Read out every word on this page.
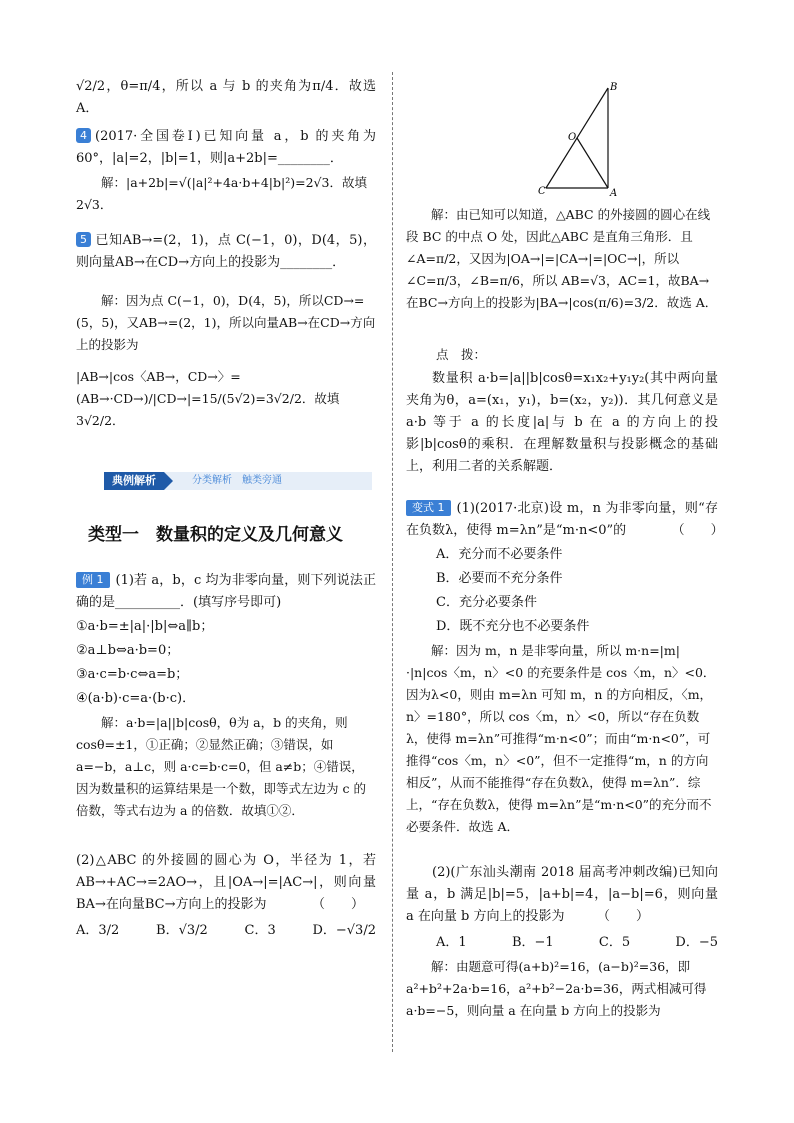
√2/2，θ=π/4，所以 a 与 b 的夹角为π/4．故选 A．

4 (2017·全国卷Ⅰ)已知向量 a，b 的夹角为 60°，|a|=2，|b|=1，则|a+2b|=________．

解：|a+2b|=√(|a|²+4a·b+4|b|²)=2√3．故填 2√3．

5 已知AB→=(2，1)，点 C(−1，0)，D(4，5)，则向量AB→在CD→方向上的投影为________．

解：因为点 C(−1，0)，D(4，5)，所以CD→=(5，5)，又AB→=(2，1)，所以向量AB→在CD→方向上的投影为

|AB→|cos〈AB→，CD→〉=(AB→·CD→)/|CD→|=15/(5√2)=3√2/2．故填 3√2/2．

典例解析	分类解析　触类旁通
类型一　数量积的定义及几何意义

例 1 (1)若 a，b，c 均为非零向量，则下列说法正确的是__________．(填写序号即可)

①a·b=±|a|·|b|⇔a∥b；

②a⊥b⇔a·b=0；

③a·c=b·c⇔a=b；

④(a·b)·c=a·(b·c)．

解：a·b=|a||b|cosθ，θ为 a，b 的夹角，则 cosθ=±1，①正确；②显然正确；③错误，如 a=−b，a⊥c，则 a·c=b·c=0，但 a≠b；④错误，因为数量积的运算结果是一个数，即等式左边为 c 的倍数，等式右边为 a 的倍数．故填①②．

(2)△ABC 的外接圆的圆心为 O，半径为 1，若AB→+AC→=2AO→，且|OA→|=|AC→|，则向量BA→在向量BC→方向上的投影为　　　　（　　）

A．3/2	B．√3/2	C．3	D．−√3/2
B
O
C	A

解：由已知可以知道，△ABC 的外接圆的圆心在线段 BC 的中点 O 处，因此△ABC 是直角三角形．且∠A=π/2，又因为|OA→|=|CA→|=|OC→|，所以∠C=π/3，∠B=π/6，所以 AB=√3，AC=1，故BA→在BC→方向上的投影为|BA→|cos(π/6)=3/2．故选 A．

点　拨：

数量积 a·b=|a||b|cosθ=x₁x₂+y₁y₂(其中两向量夹角为θ，a=(x₁，y₁)，b=(x₂，y₂))．其几何意义是 a·b 等于 a 的长度|a|与 b 在 a 的方向上的投影|b|cosθ的乘积．在理解数量积与投影概念的基础上，利用二者的关系解题．

变式 1 (1)(2017·北京)设 m，n 为非零向量，则“存在负数λ，使得 m=λn”是“m·n<0”的　　　　（　　）

A．充分而不必要条件

B．必要而不充分条件

C．充分必要条件

D．既不充分也不必要条件

解：因为 m，n 是非零向量，所以 m·n=|m|·|n|cos〈m，n〉<0 的充要条件是 cos〈m，n〉<0．因为λ<0，则由 m=λn 可知 m，n 的方向相反，〈m，n〉=180°，所以 cos〈m，n〉<0，所以“存在负数λ，使得 m=λn”可推得“m·n<0”；而由“m·n<0”，可推得“cos〈m，n〉<0”，但不一定推得“m，n 的方向相反”，从而不能推得“存在负数λ，使得 m=λn”．综上，“存在负数λ，使得 m=λn”是“m·n<0”的充分而不必要条件．故选 A．

(2)(广东汕头潮南 2018 届高考冲刺改编)已知向量 a，b 满足|b|=5，|a+b|=4，|a−b|=6，则向量 a 在向量 b 方向上的投影为　　　（　　）

A．1	B．−1	C．5	D．−5

解：由题意可得(a+b)²=16，(a−b)²=36，即 a²+b²+2a·b=16，a²+b²−2a·b=36，两式相减可得 a·b=−5，则向量 a 在向量 b 方向上的投影为
